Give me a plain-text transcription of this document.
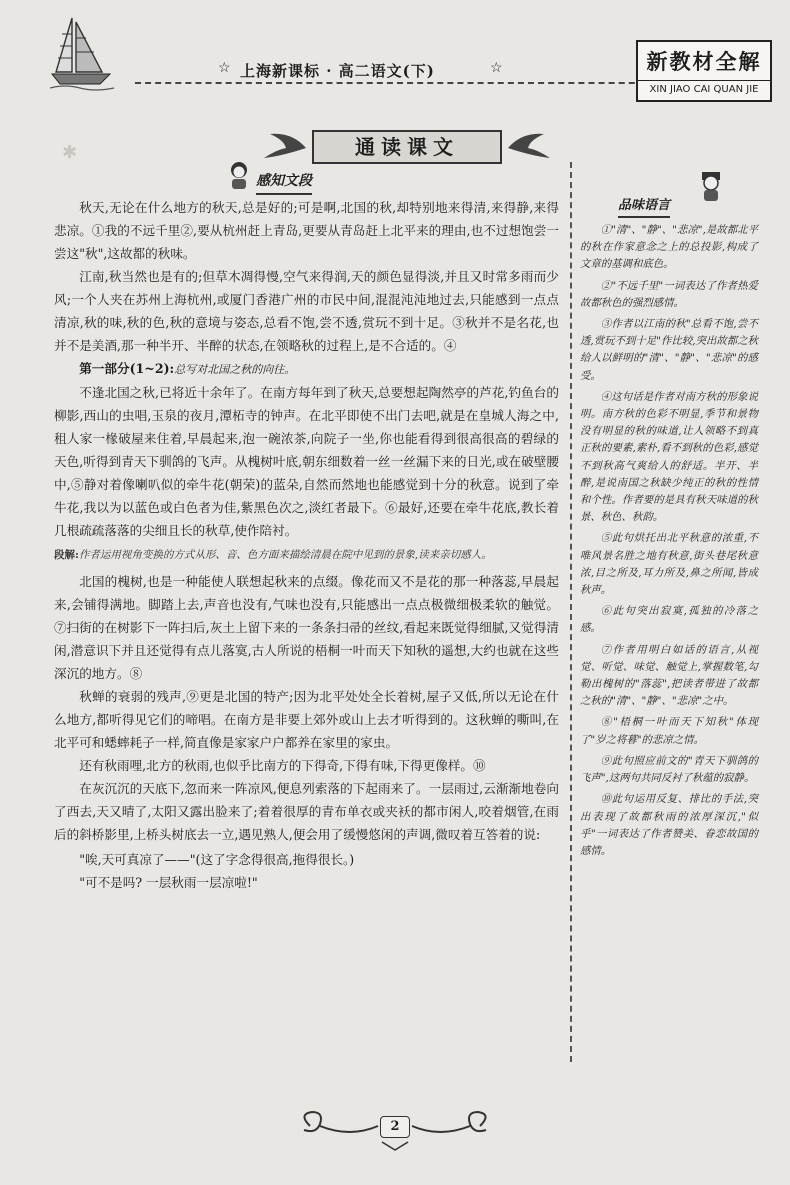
☆ 上海新课标 · 高二语文(下)	☆	新教材全解
XIN JIAO CAI QUAN JIE
通读课文
✱
感知文段

秋天,无论在什么地方的秋天,总是好的;可是啊,北国的秋,却特别地来得清,来得静,来得悲凉。①我的不远千里②,要从杭州赶上青岛,更要从青岛赶上北平来的理由,也不过想饱尝一尝这"秋",这故都的秋味。

江南,秋当然也是有的;但草木凋得慢,空气来得润,天的颜色显得淡,并且又时常多雨而少风;一个人夹在苏州上海杭州,或厦门香港广州的市民中间,混混沌沌地过去,只能感到一点点清凉,秋的味,秋的色,秋的意境与姿态,总看不饱,尝不透,赏玩不到十足。③秋并不是名花,也并不是美酒,那一种半开、半醉的状态,在领略秋的过程上,是不合适的。④

第一部分(1~2):总写对北国之秋的向往。

不逢北国之秋,已将近十余年了。在南方每年到了秋天,总要想起陶然亭的芦花,钓鱼台的柳影,西山的虫唱,玉泉的夜月,潭柘寺的钟声。在北平即使不出门去吧,就是在皇城人海之中,租人家一椽破屋来住着,早晨起来,泡一碗浓茶,向院子一坐,你也能看得到很高很高的碧绿的天色,听得到青天下驯鸽的飞声。从槐树叶底,朝东细数着一丝一丝漏下来的日光,或在破壁腰中,⑤静对着像喇叭似的牵牛花(朝荣)的蓝朵,自然而然地也能感觉到十分的秋意。说到了牵牛花,我以为以蓝色或白色者为佳,紫黑色次之,淡红者最下。⑥最好,还要在牵牛花底,教长着几根疏疏落落的尖细且长的秋草,使作陪衬。

段解:作者运用视角变换的方式从形、音、色方面来描绘清晨在院中见到的景象,读来亲切感人。

北国的槐树,也是一种能使人联想起秋来的点缀。像花而又不是花的那一种落蕊,早晨起来,会铺得满地。脚踏上去,声音也没有,气味也没有,只能感出一点点极微细极柔软的触觉。⑦扫街的在树影下一阵扫后,灰土上留下来的一条条扫帚的丝纹,看起来既觉得细腻,又觉得清闲,潜意识下并且还觉得有点儿落寞,古人所说的梧桐一叶而天下知秋的遥想,大约也就在这些深沉的地方。⑧

秋蝉的衰弱的残声,⑨更是北国的特产;因为北平处处全长着树,屋子又低,所以无论在什么地方,都听得见它们的啼唱。在南方是非要上郊外或山上去才听得到的。这秋蝉的嘶叫,在北平可和蟋蟀耗子一样,简直像是家家户户都养在家里的家虫。

还有秋雨哩,北方的秋雨,也似乎比南方的下得奇,下得有味,下得更像样。⑩

在灰沉沉的天底下,忽而来一阵凉风,便息列索落的下起雨来了。一层雨过,云渐渐地卷向了西去,天又晴了,太阳又露出脸来了;着着很厚的青布单衣或夹袄的都市闲人,咬着烟管,在雨后的斜桥影里,上桥头树底去一立,遇见熟人,便会用了缓慢悠闲的声调,微叹着互答着的说:

"唉,天可真凉了——"(这了字念得很高,拖得很长。)

"可不是吗? 一层秋雨一层凉啦!"

品味语言

①"清"、"静"、"悲凉",是故都北平的秋在作家意念之上的总投影,构成了文章的基调和底色。

②"不远千里"一词表达了作者热爱故都秋色的强烈感情。

③作者以江南的秋"总看不饱,尝不透,赏玩不到十足"作比较,突出故都之秋给人以鲜明的"清"、"静"、"悲凉"的感受。

④这句话是作者对南方秋的形象说明。南方秋的色彩不明显,季节和景物没有明显的秋的味道,让人领略不到真正秋的要素,素朴,看不到秋的色彩,感觉不到秋高气爽给人的舒适。半开、半醉,是说南国之秋缺少纯正的秋的性情和个性。作者要的是具有秋天味道的秋景、秋色、秋韵。

⑤此句烘托出北平秋意的浓重,不唯风景名胜之地有秋意,街头巷尾秋意浓,目之所及,耳力所及,鼻之所闻,皆成秋声。

⑥此句突出寂寞,孤独的冷落之感。

⑦作者用明白如话的语言,从视觉、听觉、味觉、触觉上,掌握数笔,勾勒出槐树的"落蕊",把读者带进了故都之秋的"清"、"静"、"悲凉"之中。

⑧"梧桐一叶而天下知秋"体现了"岁之将暮"的悲凉之情。

⑨此句照应前文的"青天下驯鸽的飞声",这两句共同反衬了秋蕴的寂静。

⑩此句运用反复、排比的手法,突出表现了故都秋雨的浓厚深沉,"似乎"一词表达了作者赞美、眷恋故国的感情。

2
